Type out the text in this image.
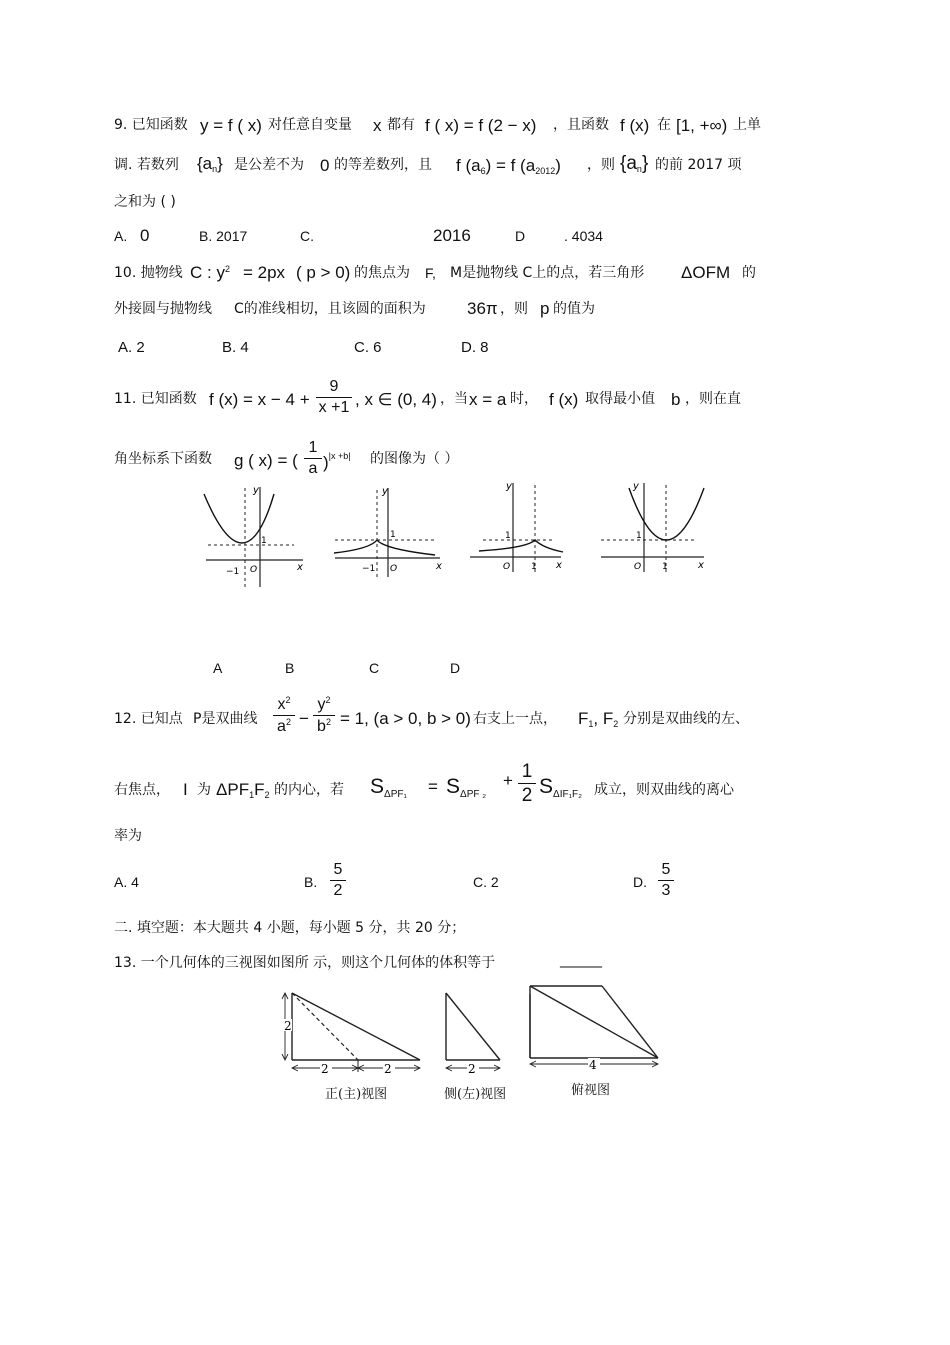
9. 已知函数 y = f ( x) 对任意自变量 x 都有 f ( x) = f (2 − x) ，且函数 f (x) 在 [1, +∞) 上单
调. 若数列 $\{a_n\}$ 是公差不为 0 的等差数列，且 f $(a_6) = f$ $(a_{2012})$ ，则 $\{a_n\}$ 的前 2017 项
之和为 ( )
A. 0	B. 2017	C.	2016	D	. 4034
10. 抛物线 C : $y^2 = 2px$ ( p > 0) 的焦点为 F, M是抛物线 C上的点，若三角形 ΔOFM 的
外接圆与抛物线 C的准线相切，且该圆的面积为 36π ，则 p 的值为
A. 2	B. 4	C. 6	D. 8
11. 已知函数 f $(x) = x - 4 + \frac{9}{x +1}$ , x ∈ (0, 4) ，当 x = a 时， f (x) 取得最小值 b ，则在直
角坐标系下函数 g ( x) = ( $\frac{1}{a} )^{|x +b|}$ 的图像为（ ）
y
x
1
−1 O
y
x
1
−1 O
y
x
1
1
O
y
x
1
1
O
A	B	C	D
12. 已知点 P是双曲线 $\frac{x^2}{a^2} - \frac{y^2}{b^2} = 1$, (a > 0, b > 0) 右支上一点， $F_1$, $F_2$ 分别是双曲线的左、
右焦点， I 为 $\Delta PF_1F_2$ 的内心，若 SΔPF₁ = SΔPF ₂
+ $\frac{1}{2} S\Delta IF_1F_2$ 成立，则双曲线的离心
率为
A. 4	B. $\frac{5}{2}$	C. 2	D. $\frac{5}{3}$
二. 填空题：本大题共 4 小题，每小题 5 分，共 20 分；
13. 一个几何体的三视图如图所 示，则这个几何体的体积等于	______
2
2	2
正(主)视图
2
侧(左)视图
4
俯视图
